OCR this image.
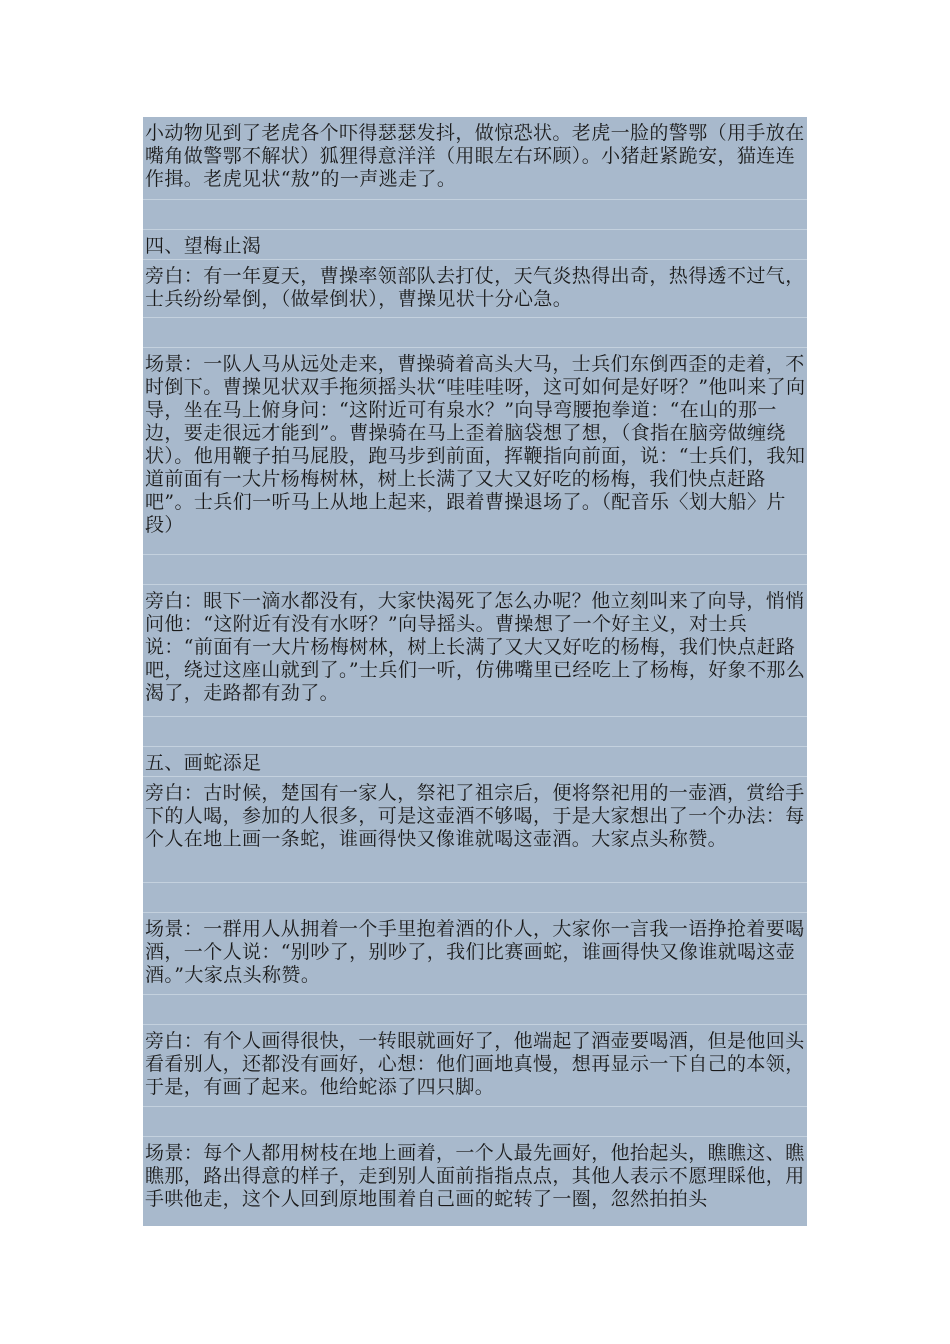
小动物见到了老虎各个吓得瑟瑟发抖，做惊恐状。老虎一脸的警鄂（用手放在嘴角做警鄂不解状）狐狸得意洋洋（用眼左右环顾）。小猪赶紧跪安，猫连连作揖。老虎见状“敖”的一声逃走了。

四、望梅止渴

旁白：有一年夏天，曹操率领部队去打仗，天气炎热得出奇，热得透不过气，士兵纷纷晕倒，（做晕倒状），曹操见状十分心急。

场景：一队人马从远处走来，曹操骑着高头大马，士兵们东倒西歪的走着，不时倒下。曹操见状双手拖须摇头状“哇哇哇呀，这可如何是好呀？”他叫来了向导，坐在马上俯身问：“这附近可有泉水？”向导弯腰抱拳道：“在山的那一边，要走很远才能到”。曹操骑在马上歪着脑袋想了想，（食指在脑旁做缠绕状）。他用鞭子拍马屁股，跑马步到前面，挥鞭指向前面，说：“士兵们，我知道前面有一大片杨梅树林，树上长满了又大又好吃的杨梅，我们快点赶路吧”。士兵们一听马上从地上起来，跟着曹操退场了。（配音乐〈划大船〉片段）

旁白：眼下一滴水都没有，大家快渴死了怎么办呢？他立刻叫来了向导，悄悄问他：“这附近有没有水呀？”向导摇头。曹操想了一个好主义，对士兵说：“前面有一大片杨梅树林，树上长满了又大又好吃的杨梅，我们快点赶路吧，绕过这座山就到了。”士兵们一听，仿佛嘴里已经吃上了杨梅，好象不那么渴了，走路都有劲了。

五、画蛇添足

旁白：古时候，楚国有一家人，祭祀了祖宗后，便将祭祀用的一壶酒，赏给手下的人喝，参加的人很多，可是这壶酒不够喝，于是大家想出了一个办法：每个人在地上画一条蛇，谁画得快又像谁就喝这壶酒。大家点头称赞。

场景：一群用人从拥着一个手里抱着酒的仆人，大家你一言我一语挣抢着要喝酒，一个人说：“别吵了，别吵了，我们比赛画蛇，谁画得快又像谁就喝这壶酒。”大家点头称赞。

旁白：有个人画得很快，一转眼就画好了，他端起了酒壶要喝酒，但是他回头看看别人，还都没有画好，心想：他们画地真慢，想再显示一下自己的本领，于是，有画了起来。他给蛇添了四只脚。

场景：每个人都用树枝在地上画着，一个人最先画好，他抬起头，瞧瞧这、瞧瞧那，路出得意的样子，走到别人面前指指点点，其他人表示不愿理睬他，用手哄他走，这个人回到原地围着自己画的蛇转了一圈，忽然拍拍头
